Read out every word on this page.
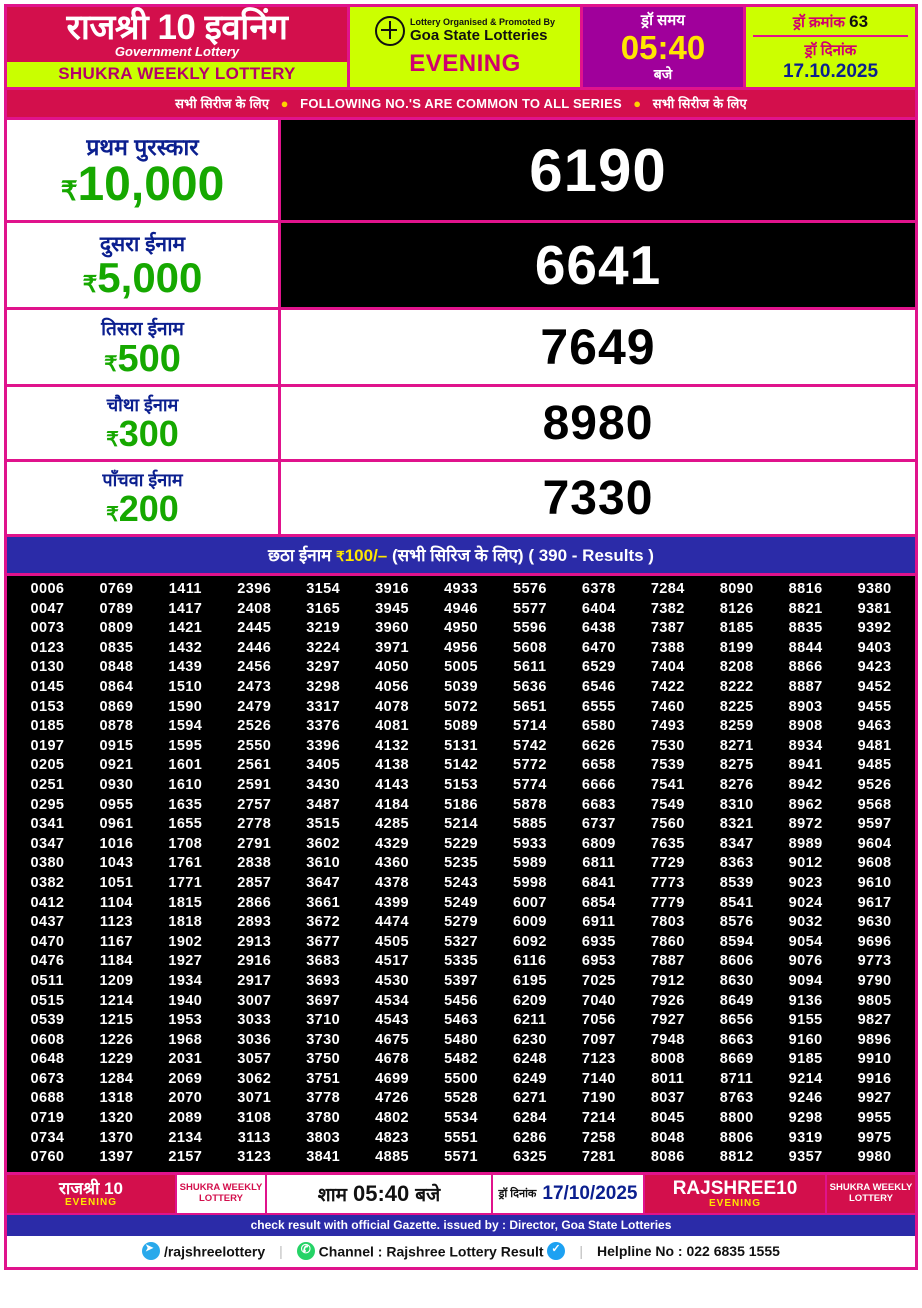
राजश्री 10 इवनिंग
Government Lottery
SHUKRA WEEKLY LOTTERY
Lottery Organised & Promoted By
Goa State Lotteries
EVENING
ड्रॉ समय
05:40
बजे
ड्रॉ क्रमांक 63
ड्रॉ दिनांक
17.10.2025
सभी सिरीज के लिए   ●   FOLLOWING NO.'S ARE COMMON TO ALL SERIES   ●   सभी सिरीज के लिए
प्रथम पुरस्कार
₹10,000	6190
दुसरा ईनाम
₹5,000	6641
तिसरा ईनाम
₹500	7649
चौथा ईनाम
₹300	8980
पाँचवा ईनाम
₹200	7330
छठा ईनाम ₹100/– (सभी सिरिज के लिए) ( 390 - Results )
0006	0769	1411	2396	3154	3916	4933	5576	6378	7284	8090	8816	9380
0047	0789	1417	2408	3165	3945	4946	5577	6404	7382	8126	8821	9381
0073	0809	1421	2445	3219	3960	4950	5596	6438	7387	8185	8835	9392
0123	0835	1432	2446	3224	3971	4956	5608	6470	7388	8199	8844	9403
0130	0848	1439	2456	3297	4050	5005	5611	6529	7404	8208	8866	9423
0145	0864	1510	2473	3298	4056	5039	5636	6546	7422	8222	8887	9452
0153	0869	1590	2479	3317	4078	5072	5651	6555	7460	8225	8903	9455
0185	0878	1594	2526	3376	4081	5089	5714	6580	7493	8259	8908	9463
0197	0915	1595	2550	3396	4132	5131	5742	6626	7530	8271	8934	9481
0205	0921	1601	2561	3405	4138	5142	5772	6658	7539	8275	8941	9485
0251	0930	1610	2591	3430	4143	5153	5774	6666	7541	8276	8942	9526
0295	0955	1635	2757	3487	4184	5186	5878	6683	7549	8310	8962	9568
0341	0961	1655	2778	3515	4285	5214	5885	6737	7560	8321	8972	9597
0347	1016	1708	2791	3602	4329	5229	5933	6809	7635	8347	8989	9604
0380	1043	1761	2838	3610	4360	5235	5989	6811	7729	8363	9012	9608
0382	1051	1771	2857	3647	4378	5243	5998	6841	7773	8539	9023	9610
0412	1104	1815	2866	3661	4399	5249	6007	6854	7779	8541	9024	9617
0437	1123	1818	2893	3672	4474	5279	6009	6911	7803	8576	9032	9630
0470	1167	1902	2913	3677	4505	5327	6092	6935	7860	8594	9054	9696
0476	1184	1927	2916	3683	4517	5335	6116	6953	7887	8606	9076	9773
0511	1209	1934	2917	3693	4530	5397	6195	7025	7912	8630	9094	9790
0515	1214	1940	3007	3697	4534	5456	6209	7040	7926	8649	9136	9805
0539	1215	1953	3033	3710	4543	5463	6211	7056	7927	8656	9155	9827
0608	1226	1968	3036	3730	4675	5480	6230	7097	7948	8663	9160	9896
0648	1229	2031	3057	3750	4678	5482	6248	7123	8008	8669	9185	9910
0673	1284	2069	3062	3751	4699	5500	6249	7140	8011	8711	9214	9916
0688	1318	2070	3071	3778	4726	5528	6271	7190	8037	8763	9246	9927
0719	1320	2089	3108	3780	4802	5534	6284	7214	8045	8800	9298	9955
0734	1370	2134	3113	3803	4823	5551	6286	7258	8048	8806	9319	9975
0760	1397	2157	3123	3841	4885	5571	6325	7281	8086	8812	9357	9980
राजश्री 10
EVENING
SHUKRA WEEKLY LOTTERY	शाम 05:40 बजे	ड्रॉ दिनांक 17/10/2025 RAJSHREE10
EVENING
SHUKRA WEEKLY LOTTERY
check result with official Gazette. issued by : Director, Goa State Lotteries
➤ /rajshreelottery | ✆	Channel : Rajshree Lottery Result ✓	| Helpline No : 022 6835 1555
